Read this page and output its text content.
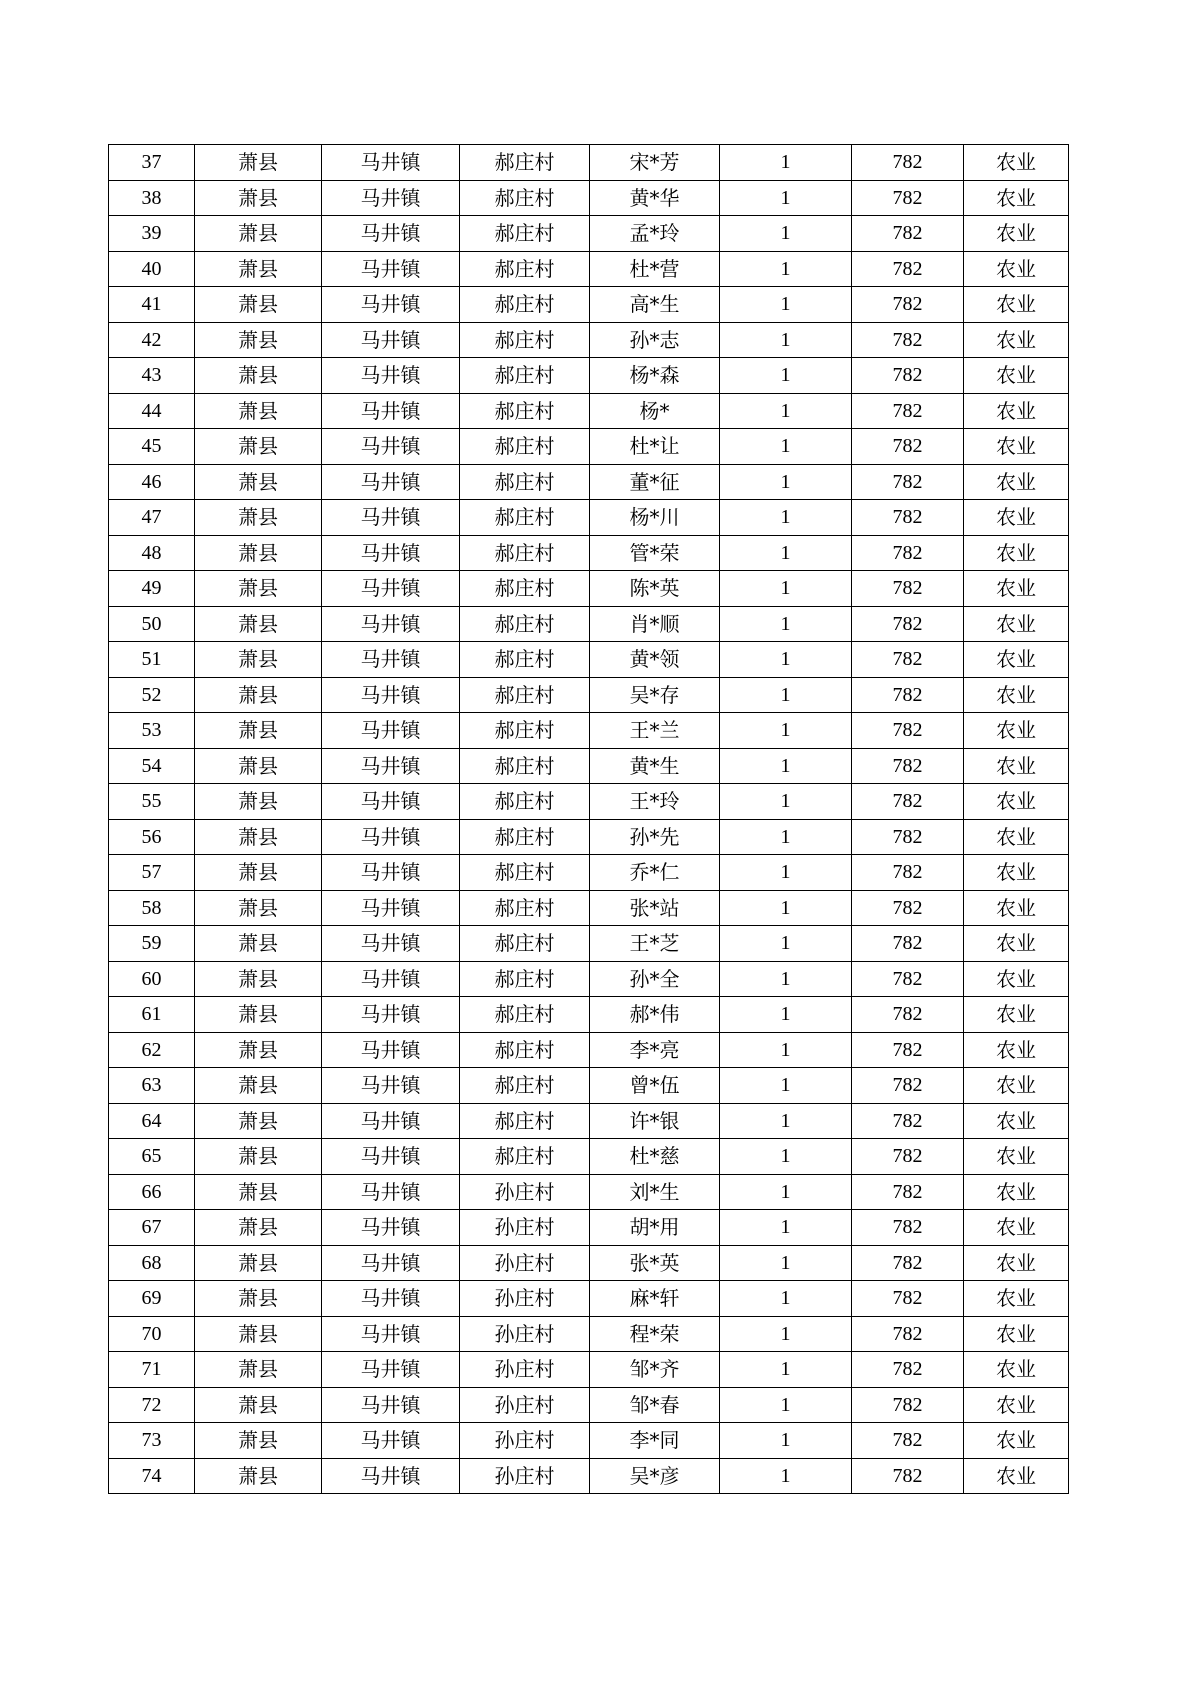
37	萧县	马井镇	郝庄村	宋*芳	1	782	农业
38	萧县	马井镇	郝庄村	黄*华	1	782	农业
39	萧县	马井镇	郝庄村	孟*玲	1	782	农业
40	萧县	马井镇	郝庄村	杜*营	1	782	农业
41	萧县	马井镇	郝庄村	高*生	1	782	农业
42	萧县	马井镇	郝庄村	孙*志	1	782	农业
43	萧县	马井镇	郝庄村	杨*森	1	782	农业
44	萧县	马井镇	郝庄村	杨*	1	782	农业
45	萧县	马井镇	郝庄村	杜*让	1	782	农业
46	萧县	马井镇	郝庄村	董*征	1	782	农业
47	萧县	马井镇	郝庄村	杨*川	1	782	农业
48	萧县	马井镇	郝庄村	管*荣	1	782	农业
49	萧县	马井镇	郝庄村	陈*英	1	782	农业
50	萧县	马井镇	郝庄村	肖*顺	1	782	农业
51	萧县	马井镇	郝庄村	黄*领	1	782	农业
52	萧县	马井镇	郝庄村	吴*存	1	782	农业
53	萧县	马井镇	郝庄村	王*兰	1	782	农业
54	萧县	马井镇	郝庄村	黄*生	1	782	农业
55	萧县	马井镇	郝庄村	王*玲	1	782	农业
56	萧县	马井镇	郝庄村	孙*先	1	782	农业
57	萧县	马井镇	郝庄村	乔*仁	1	782	农业
58	萧县	马井镇	郝庄村	张*站	1	782	农业
59	萧县	马井镇	郝庄村	王*芝	1	782	农业
60	萧县	马井镇	郝庄村	孙*全	1	782	农业
61	萧县	马井镇	郝庄村	郝*伟	1	782	农业
62	萧县	马井镇	郝庄村	李*亮	1	782	农业
63	萧县	马井镇	郝庄村	曾*伍	1	782	农业
64	萧县	马井镇	郝庄村	许*银	1	782	农业
65	萧县	马井镇	郝庄村	杜*慈	1	782	农业
66	萧县	马井镇	孙庄村	刘*生	1	782	农业
67	萧县	马井镇	孙庄村	胡*用	1	782	农业
68	萧县	马井镇	孙庄村	张*英	1	782	农业
69	萧县	马井镇	孙庄村	麻*轩	1	782	农业
70	萧县	马井镇	孙庄村	程*荣	1	782	农业
71	萧县	马井镇	孙庄村	邹*齐	1	782	农业
72	萧县	马井镇	孙庄村	邹*春	1	782	农业
73	萧县	马井镇	孙庄村	李*同	1	782	农业
74	萧县	马井镇	孙庄村	吴*彦	1	782	农业
